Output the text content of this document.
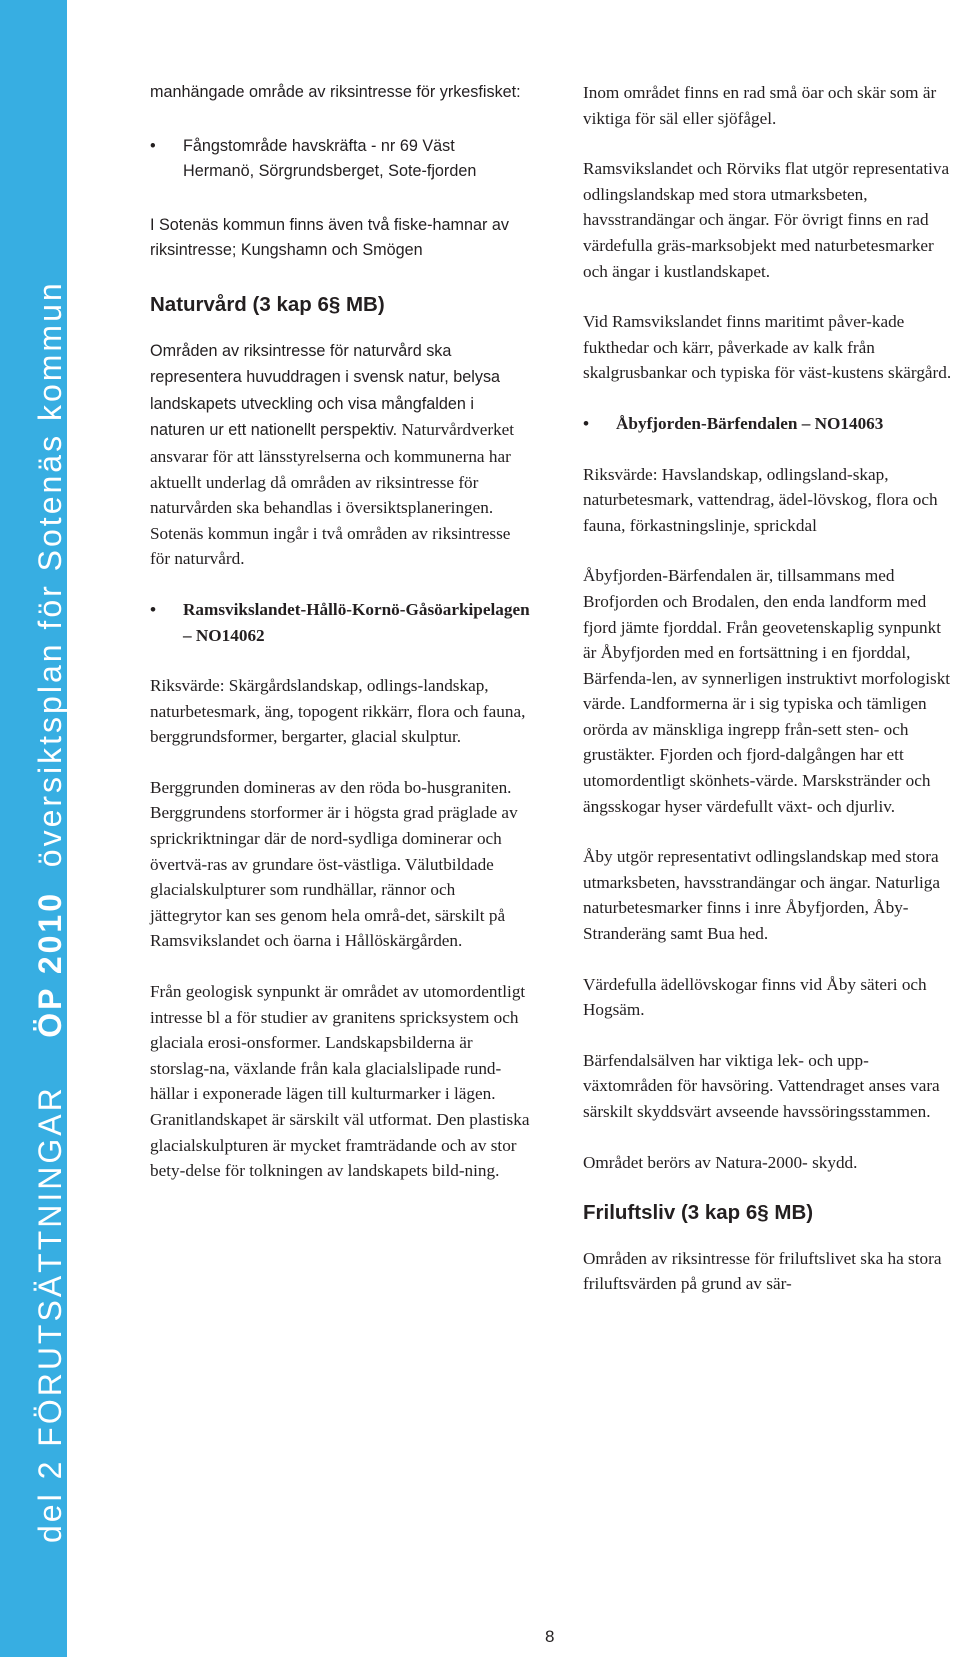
del 2 FÖRUTSÄTTNINGAR    ÖP 2010  översiktsplan för Sotenäs kommun

manhängade område av riksintresse för yrkesfisket:

• Fångstområde havskräfta - nr 69 Väst Hermanö, Sörgrundsberget, Sote-fjorden

I Sotenäs kommun finns även två fiske-hamnar av riksintresse; Kungshamn och Smögen

Naturvård (3 kap 6§ MB)

Områden av riksintresse för naturvård ska representera huvuddragen i svensk natur, belysa landskapets utveckling och visa mångfalden i naturen ur ett nationellt perspektiv. Naturvårdverket ansvarar för att länsstyrelserna och kommunerna har aktuellt underlag då områden av riksintresse för naturvården ska behandlas i översiktsplaneringen. Sotenäs kommun ingår i två områden av riksintresse för naturvård.

• Ramsvikslandet-Hållö-Kornö-Gåsöarkipelagen – NO14062

Riksvärde: Skärgårdslandskap, odlings-landskap, naturbetesmark, äng, topogent rikkärr, flora och fauna, berggrundsformer, bergarter, glacial skulptur.

Berggrunden domineras av den röda bo-husgraniten. Berggrundens storformer är i högsta grad präglade av sprickriktningar där de nord-sydliga dominerar och övertvä-ras av grundare öst-västliga. Välutbildade glacialskulpturer som rundhällar, rännor och jättegrytor kan ses genom hela områ-det, särskilt på Ramsvikslandet och öarna i Hållöskärgården.

Från geologisk synpunkt är området av utomordentligt intresse bl a för studier av granitens spricksystem och glaciala erosi-onsformer. Landskapsbilderna är storslag-na, växlande från kala glacialslipade rund-hällar i exponerade lägen till kulturmarker i lägen. Granitlandskapet är särskilt väl utformat. Den plastiska glacialskulpturen är mycket framträdande och av stor bety-delse för tolkningen av landskapets bild-ning.

Inom området finns en rad små öar och skär som är viktiga för säl eller sjöfågel.

Ramsvikslandet och Rörviks flat utgör representativa odlingslandskap med stora utmarksbeten, havsstrandängar och ängar. För övrigt finns en rad värdefulla gräs-marksobjekt med naturbetesmarker och ängar i kustlandskapet.

Vid Ramsvikslandet finns maritimt påver-kade fukthedar och kärr, påverkade av kalk från skalgrusbankar och typiska för väst-kustens skärgård.

• Åbyfjorden-Bärfendalen – NO14063

Riksvärde: Havslandskap, odlingsland-skap, naturbetesmark, vattendrag, ädel-lövskog, flora och fauna, förkastningslinje, sprickdal

Åbyfjorden-Bärfendalen är, tillsammans med Brofjorden och Brodalen, den enda landform med fjord jämte fjorddal. Från geovetenskaplig synpunkt är Åbyfjorden med en fortsättning i en fjorddal, Bärfenda-len, av synnerligen instruktivt morfologiskt värde. Landformerna är i sig typiska och tämligen orörda av mänskliga ingrepp från-sett sten- och grustäkter. Fjorden och fjord-dalgången har ett utomordentligt skönhets-värde. Marskstränder och ängsskogar hyser värdefullt växt- och djurliv.

Åby utgör representativt odlingslandskap med stora utmarksbeten, havsstrandängar och ängar. Naturliga naturbetesmarker finns i inre Åbyfjorden, Åby-Stranderäng samt Bua hed.

Värdefulla ädellövskogar finns vid Åby säteri och Hogsäm.

Bärfendalsälven har viktiga lek- och upp-växtområden för havsöring. Vattendraget anses vara särskilt skyddsvärt avseende havssöringsstammen.

Området berörs av Natura-2000- skydd.

Friluftsliv (3 kap 6§ MB)

Områden av riksintresse för friluftslivet ska ha stora friluftsvärden på grund av sär-

8
